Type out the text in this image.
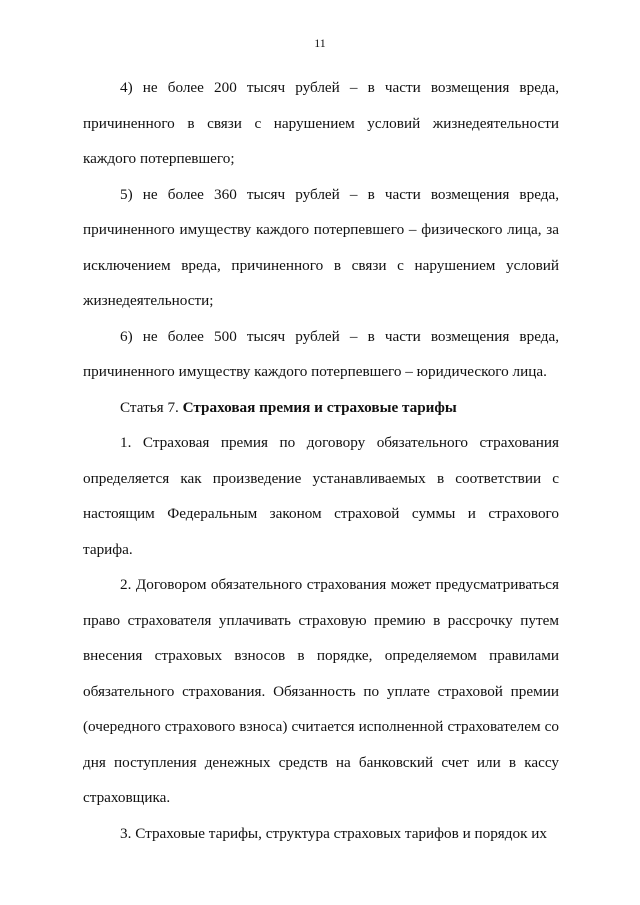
11

4) не более 200 тысяч рублей – в части возмещения вреда, причиненного в связи с нарушением условий жизнедеятельности каждого потерпевшего;

5) не более 360 тысяч рублей – в части возмещения вреда, причиненного имуществу каждого потерпевшего – физического лица, за исключением вреда, причиненного в связи с нарушением условий жизнедеятельности;

6) не более 500 тысяч рублей – в части возмещения вреда, причиненного имуществу каждого потерпевшего – юридического лица.

Статья 7. Страховая премия и страховые тарифы

1. Страховая премия по договору обязательного страхования определяется как произведение устанавливаемых в соответствии с настоящим Федеральным законом страховой суммы и страхового тарифа.

2. Договором обязательного страхования может предусматриваться право страхователя уплачивать страховую премию в рассрочку путем внесения страховых взносов в порядке, определяемом правилами обязательного страхования. Обязанность по уплате страховой премии (очередного страхового взноса) считается исполненной страхователем со дня поступления денежных средств на банковский счет или в кассу страховщика.

3. Страховые тарифы, структура страховых тарифов и порядок их
